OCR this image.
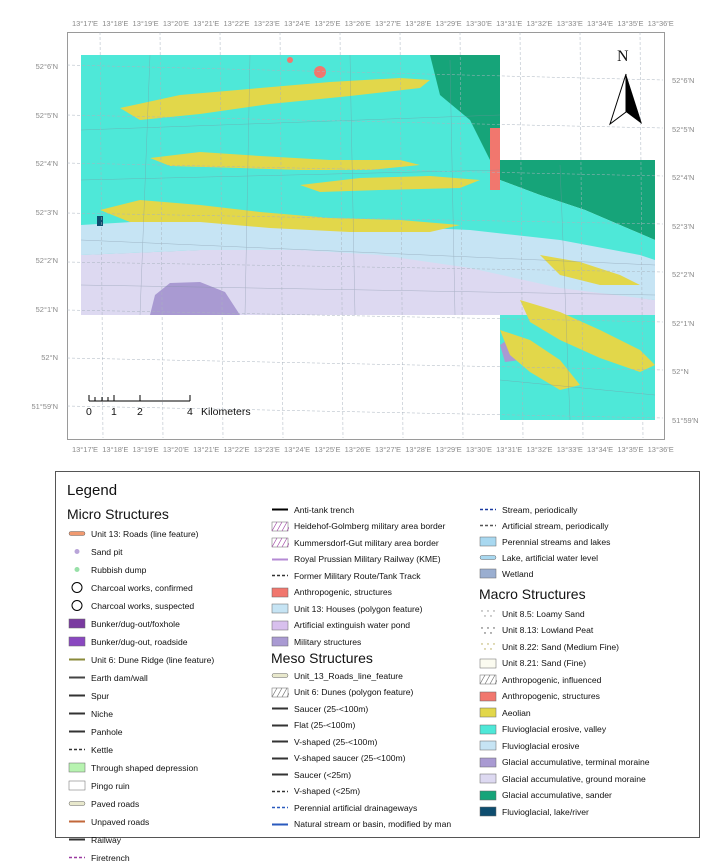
N
0 1 2	4 Kilometers
13°17'E
13°17'E
13°18'E
13°18'E
13°19'E
13°19'E
13°20'E
13°20'E
13°21'E
13°21'E
13°22'E
13°22'E
13°23'E
13°23'E
13°24'E
13°24'E
13°25'E
13°25'E
13°26'E
13°26'E
13°27'E
13°27'E
13°28'E
13°28'E
13°29'E
13°29'E
13°30'E
13°30'E
13°31'E
13°31'E
13°32'E
13°32'E
13°33'E
13°33'E
13°34'E
13°34'E
13°35'E
13°35'E
13°36'E
13°36'E
52°6'N
52°5'N
52°4'N
52°3'N
52°2'N
52°1'N
52°N
51°59'N
52°6'N
52°5'N
52°4'N
52°3'N
52°2'N
52°1'N
52°N
51°59'N
Legend
Micro Structures
Meso Structures
Macro Structures
Unit 13: Roads (line feature)
Sand pit
Rubbish dump
Charcoal works, confirmed
Charcoal works, suspected
Bunker/dug-out/foxhole
Bunker/dug-out, roadside
Unit 6: Dune Ridge (line feature)
Earth dam/wall
Spur
Niche
Panhole
Kettle
Through shaped depression
Pingo ruin
Paved roads
Unpaved roads
Railway
Firetrench
Anti-tank trench
Heidehof-Golmberg military area border
Kummersdorf-Gut military area border
Royal Prussian Military Railway (KME)
Former Military Route/Tank Track
Anthropogenic, structures
Unit 13: Houses (polygon feature)
Artificial extinguish water pond
Military structures
Unit_13_Roads_line_feature
Unit 6: Dunes (polygon feature)
Saucer (25-<100m)
Flat (25-<100m)
V-shaped (25-<100m)
V-shaped saucer (25-<100m)
Saucer (<25m)
V-shaped (<25m)
Perennial artificial drainageways
Natural stream or basin, modified by man
Stream, periodically
Artificial stream, periodically
Perennial streams and lakes
Lake, artificial water level
Wetland
Unit 8.5: Loamy Sand
Unit 8.13: Lowland Peat
Unit 8.22: Sand (Medium Fine)
Unit 8.21: Sand (Fine)
Anthropogenic, influenced
Anthropogenic, structures
Aeolian
Fluvioglacial erosive, valley
Fluvioglacial erosive
Glacial accumulative, terminal moraine
Glacial accumulative, ground moraine
Glacial accumulative, sander
Fluvioglacial, lake/river
